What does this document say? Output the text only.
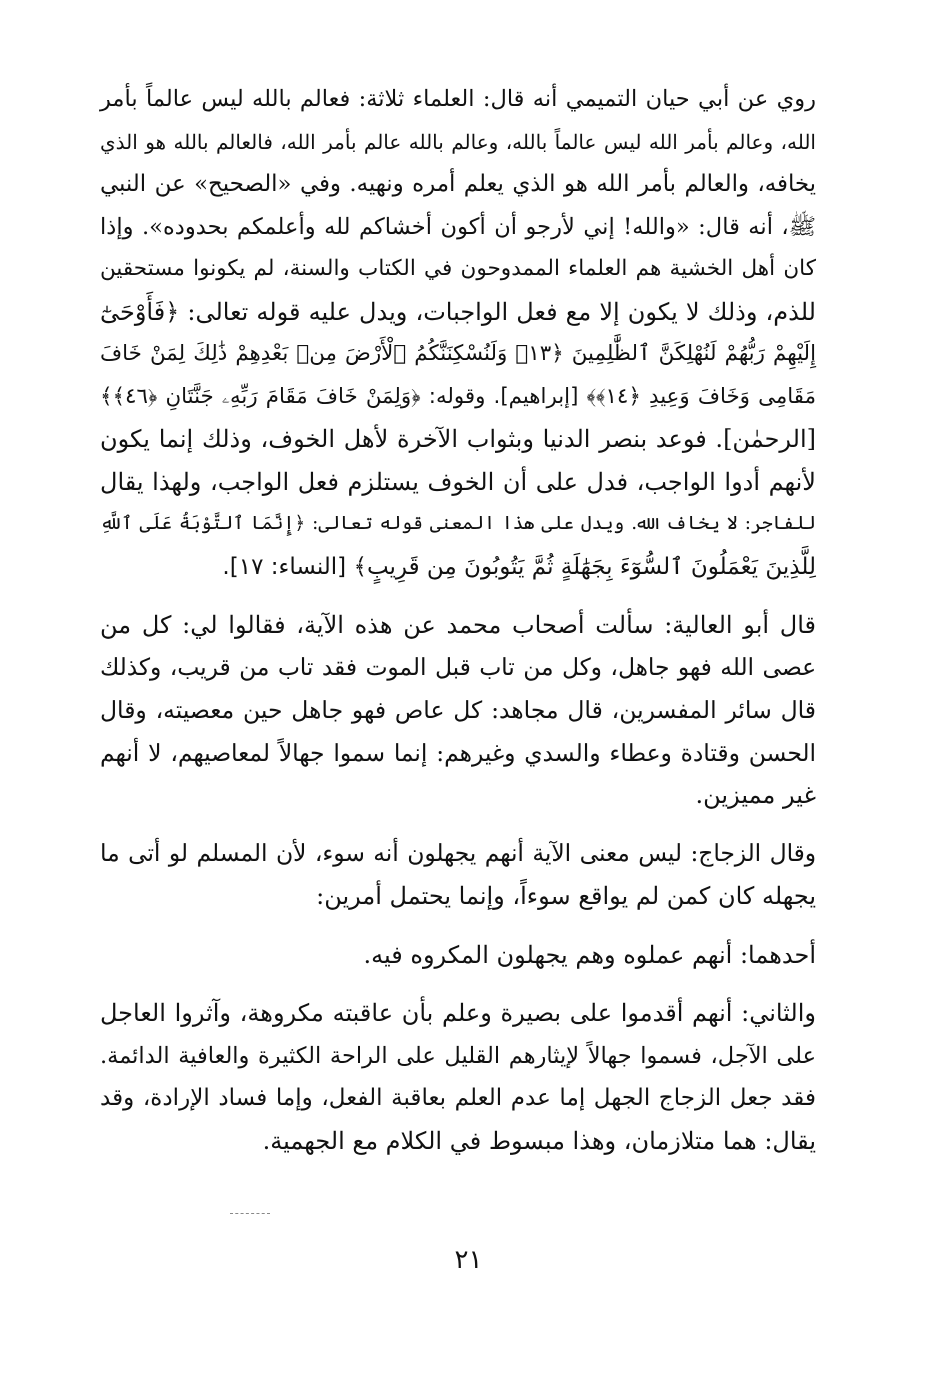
روي عن أبي حيان التميمي أنه قال: العلماء ثلاثة: فعالم بالله ليس عالماً بأمر
الله، وعالم بأمر الله ليس عالماً بالله، وعالم بالله عالم بأمر الله، فالعالم بالله هو الذي
يخافه، والعالم بأمر الله هو الذي يعلم أمره ونهيه. وفي «الصحيح» عن النبي
ﷺ، أنه قال: «والله! إني لأرجو أن أكون أخشاكم لله وأعلمكم بحدوده». وإذا
كان أهل الخشية هم العلماء الممدوحون في الكتاب والسنة، لم يكونوا مستحقين
للذم، وذلك لا يكون إلا مع فعل الواجبات، ويدل عليه قوله تعالى: ﴿فَأَوْحَىٰٓ
إِلَيْهِمْ رَبُّهُمْ لَنُهْلِكَنَّ ٱلظَّٰلِمِينَ ﴿١٣﴾ وَلَنُسْكِنَنَّكُمُ ٱلْأَرْضَ مِنۢ بَعْدِهِمْ ذَٰلِكَ لِمَنْ خَافَ
مَقَامِى وَخَافَ وَعِيدِ ﴿١٤﴾﴾ [إبراهيم]. وقوله: ﴿وَلِمَنْ خَافَ مَقَامَ رَبِّهِۦ جَنَّتَانِ ﴿٤٦﴾﴾
[الرحمٰن]. فوعد بنصر الدنيا وبثواب الآخرة لأهل الخوف، وذلك إنما يكون
لأنهم أدوا الواجب، فدل على أن الخوف يستلزم فعل الواجب، ولهذا يقال
للفاجر: لا يخاف الله. ويدل على هذا المعنى قوله تعالى: ﴿إِنَّمَا ٱلتَّوْبَةُ عَلَى ٱللَّهِ
لِلَّذِينَ يَعْمَلُونَ ٱلسُّوٓءَ بِجَهَٰلَةٍ ثُمَّ يَتُوبُونَ مِن قَرِيبٍ﴾ [النساء: ١٧].
قال أبو العالية: سألت أصحاب محمد عن هذه الآية، فقالوا لي: كل من
عصى الله فهو جاهل، وكل من تاب قبل الموت فقد تاب من قريب، وكذلك
قال سائر المفسرين، قال مجاهد: كل عاص فهو جاهل حين معصيته، وقال
الحسن وقتادة وعطاء والسدي وغيرهم: إنما سموا جهالاً لمعاصيهم، لا أنهم
غير مميزين.
وقال الزجاج: ليس معنى الآية أنهم يجهلون أنه سوء، لأن المسلم لو أتى ما
يجهله كان كمن لم يواقع سوءاً، وإنما يحتمل أمرين:
أحدهما: أنهم عملوه وهم يجهلون المكروه فيه.
والثاني: أنهم أقدموا على بصيرة وعلم بأن عاقبته مكروهة، وآثروا العاجل
على الآجل، فسموا جهالاً لإيثارهم القليل على الراحة الكثيرة والعافية الدائمة.
فقد جعل الزجاج الجهل إما عدم العلم بعاقبة الفعل، وإما فساد الإرادة، وقد
يقال: هما متلازمان، وهذا مبسوط في الكلام مع الجهمية.
٢١
